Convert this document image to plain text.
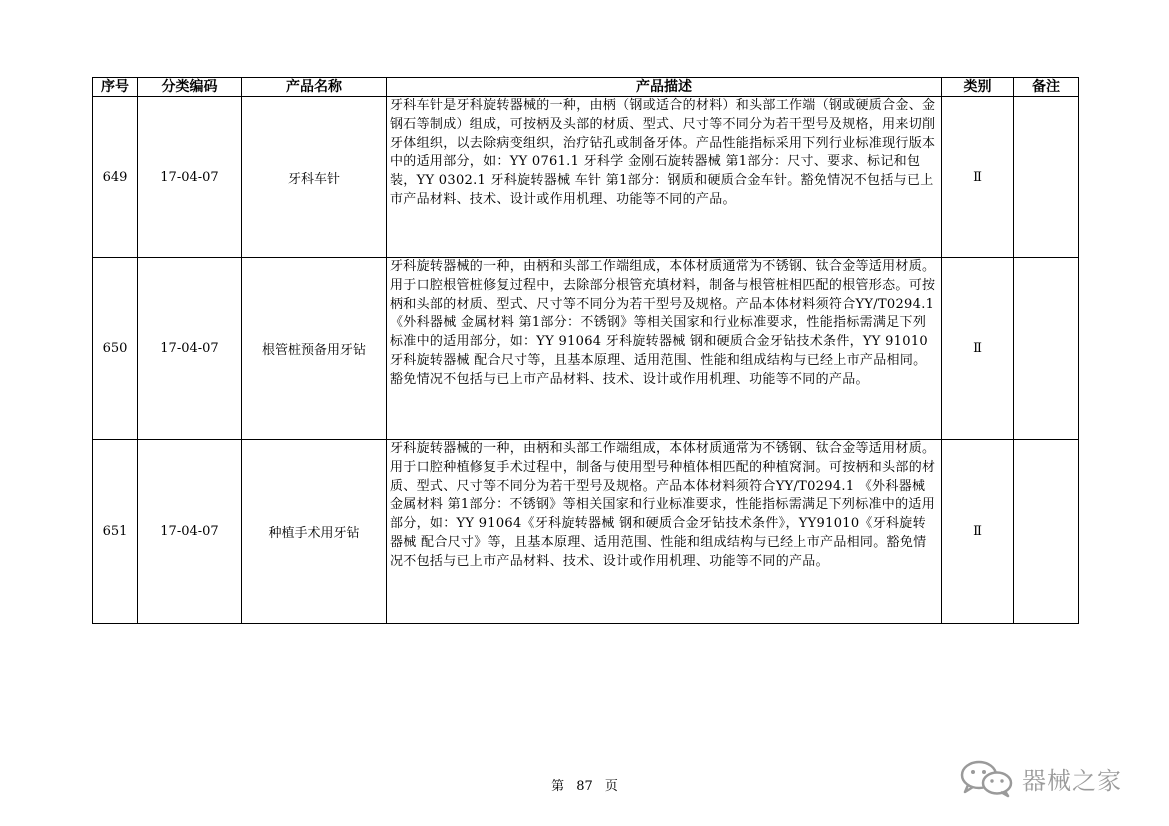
序号	分类编码	产品名称	产品描述	类别	备注
649	17-04-07	牙科车针	牙科车针是牙科旋转器械的一种，由柄（钢或适合的材料）和头部工作端（钢或硬质合金、金钢石等制成）组成，可按柄及头部的材质、型式、尺寸等不同分为若干型号及规格，用来切削牙体组织，以去除病变组织，治疗钻孔或制备牙体。产品性能指标采用下列行业标准现行版本中的适用部分，如：YY 0761.1 牙科学 金刚石旋转器械 第1部分：尺寸、要求、标记和包装，YY 0302.1 牙科旋转器械 车针 第1部分：钢质和硬质合金车针。豁免情况不包括与已上市产品材料、技术、设计或作用机理、功能等不同的产品。	Ⅱ	
650	17-04-07	根管桩预备用牙钻	牙科旋转器械的一种，由柄和头部工作端组成，本体材质通常为不锈钢、钛合金等适用材质。用于口腔根管桩修复过程中，去除部分根管充填材料，制备与根管桩相匹配的根管形态。可按柄和头部的材质、型式、尺寸等不同分为若干型号及规格。产品本体材料须符合YY/T0294.1 《外科器械 金属材料 第1部分：不锈钢》等相关国家和行业标准要求，性能指标需满足下列标准中的适用部分，如：YY 91064 牙科旋转器械 钢和硬质合金牙钻技术条件，YY 91010 牙科旋转器械 配合尺寸等，且基本原理、适用范围、性能和组成结构与已经上市产品相同。豁免情况不包括与已上市产品材料、技术、设计或作用机理、功能等不同的产品。	Ⅱ	
651	17-04-07	种植手术用牙钻	牙科旋转器械的一种，由柄和头部工作端组成，本体材质通常为不锈钢、钛合金等适用材质。用于口腔种植修复手术过程中，制备与使用型号种植体相匹配的种植窝洞。可按柄和头部的材质、型式、尺寸等不同分为若干型号及规格。产品本体材料须符合YY/T0294.1 《外科器械 金属材料 第1部分：不锈钢》等相关国家和行业标准要求，性能指标需满足下列标准中的适用部分，如：YY 91064《牙科旋转器械 钢和硬质合金牙钻技术条件》，YY91010《牙科旋转器械 配合尺寸》等，且基本原理、适用范围、性能和组成结构与已经上市产品相同。豁免情况不包括与已上市产品材料、技术、设计或作用机理、功能等不同的产品。	Ⅱ	
第 87 页	器械之家
